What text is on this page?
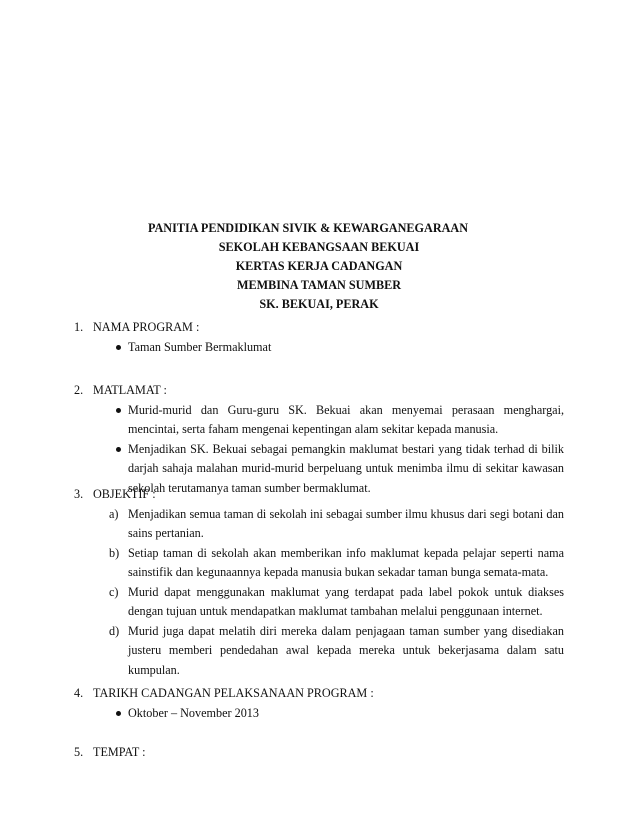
PANITIA PENDIDIKAN SIVIK & KEWARGANEGARAAN
SEKOLAH KEBANGSAAN BEKUAI
KERTAS KERJA CADANGAN
MEMBINA TAMAN SUMBER
SK. BEKUAI, PERAK
1. NAMA PROGRAM :
Taman Sumber Bermaklumat
2. MATLAMAT :
Murid-murid dan Guru-guru SK. Bekuai akan menyemai perasaan menghargai, mencintai, serta faham mengenai kepentingan alam sekitar kepada manusia.
Menjadikan SK. Bekuai sebagai pemangkin maklumat bestari yang tidak terhad di bilik darjah sahaja malahan murid-murid berpeluang untuk menimba ilmu di sekitar kawasan sekolah terutamanya taman sumber bermaklumat.
3. OBJEKTIF :
a) Menjadikan semua taman di sekolah ini sebagai sumber ilmu khusus dari segi botani dan sains pertanian.
b) Setiap taman di sekolah akan memberikan info maklumat kepada pelajar seperti nama sainstifik dan kegunaannya kepada manusia bukan sekadar taman bunga semata-mata.
c) Murid dapat menggunakan maklumat yang terdapat pada label pokok untuk diakses dengan tujuan untuk mendapatkan maklumat tambahan melalui penggunaan internet.
d) Murid juga dapat melatih diri mereka dalam penjagaan taman sumber yang disediakan justeru memberi pendedahan awal kepada mereka untuk bekerjasama dalam satu kumpulan.
4. TARIKH CADANGAN PELAKSANAAN PROGRAM :
Oktober – November 2013
5. TEMPAT :
